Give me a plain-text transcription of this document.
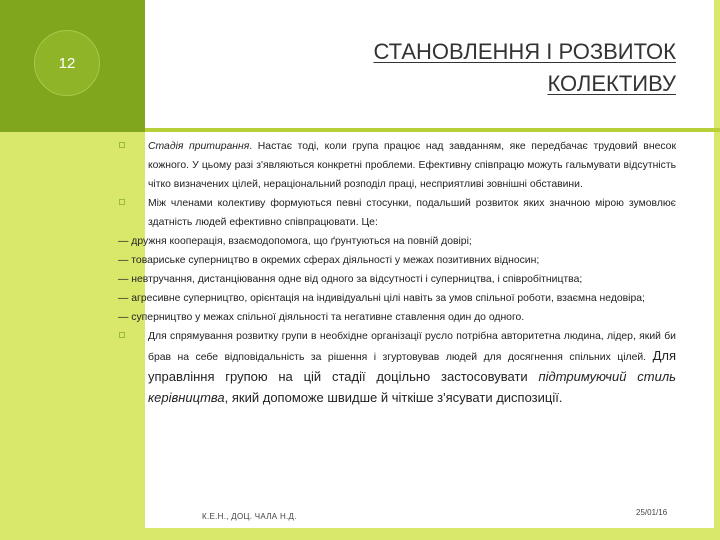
12	СТАНОВЛЕННЯ І РОЗВИТОК
КОЛЕКТИВУ

Стадія притирання. Настає тоді, коли група працює над завданням, яке передбачає трудовий внесок кожного. У цьому разі з'являються конкретні проблеми. Ефективну співпрацю можуть гальмувати відсутність чітко визначених цілей, нераціональний розподіл праці, несприятливі зовнішні обставини.

Між членами колективу формуються певні стосунки, подальший розвиток яких значною мірою зумовлює здатність людей ефективно співпрацювати. Це:

— дружня кооперація, взаємодопомога, що ґрунтуються на повній довірі;

— товариське суперництво в окремих сферах діяльності у межах позитивних відносин;

— невтручання, дистанціювання одне від одного за відсутності і суперництва, і співробітництва;

— агресивне суперництво, орієнтація на індивідуальні цілі навіть за умов спільної роботи, взаємна недовіра;

— суперництво у межах спільної діяльності та негативне ставлення один до одного.

Для спрямування розвитку групи в необхідне організації русло потрібна авторитетна людина, лідер, який би брав на себе відповідальність за рішення і згуртовував людей для досягнення спільних цілей. Для управління групою на цій стадії доцільно застосовувати підтримуючий стиль керівництва, який допоможе швидше й чіткіше з'ясувати диспозиції.

К.Е.Н., ДОЦ. ЧАЛА Н.Д.	25/01/16
